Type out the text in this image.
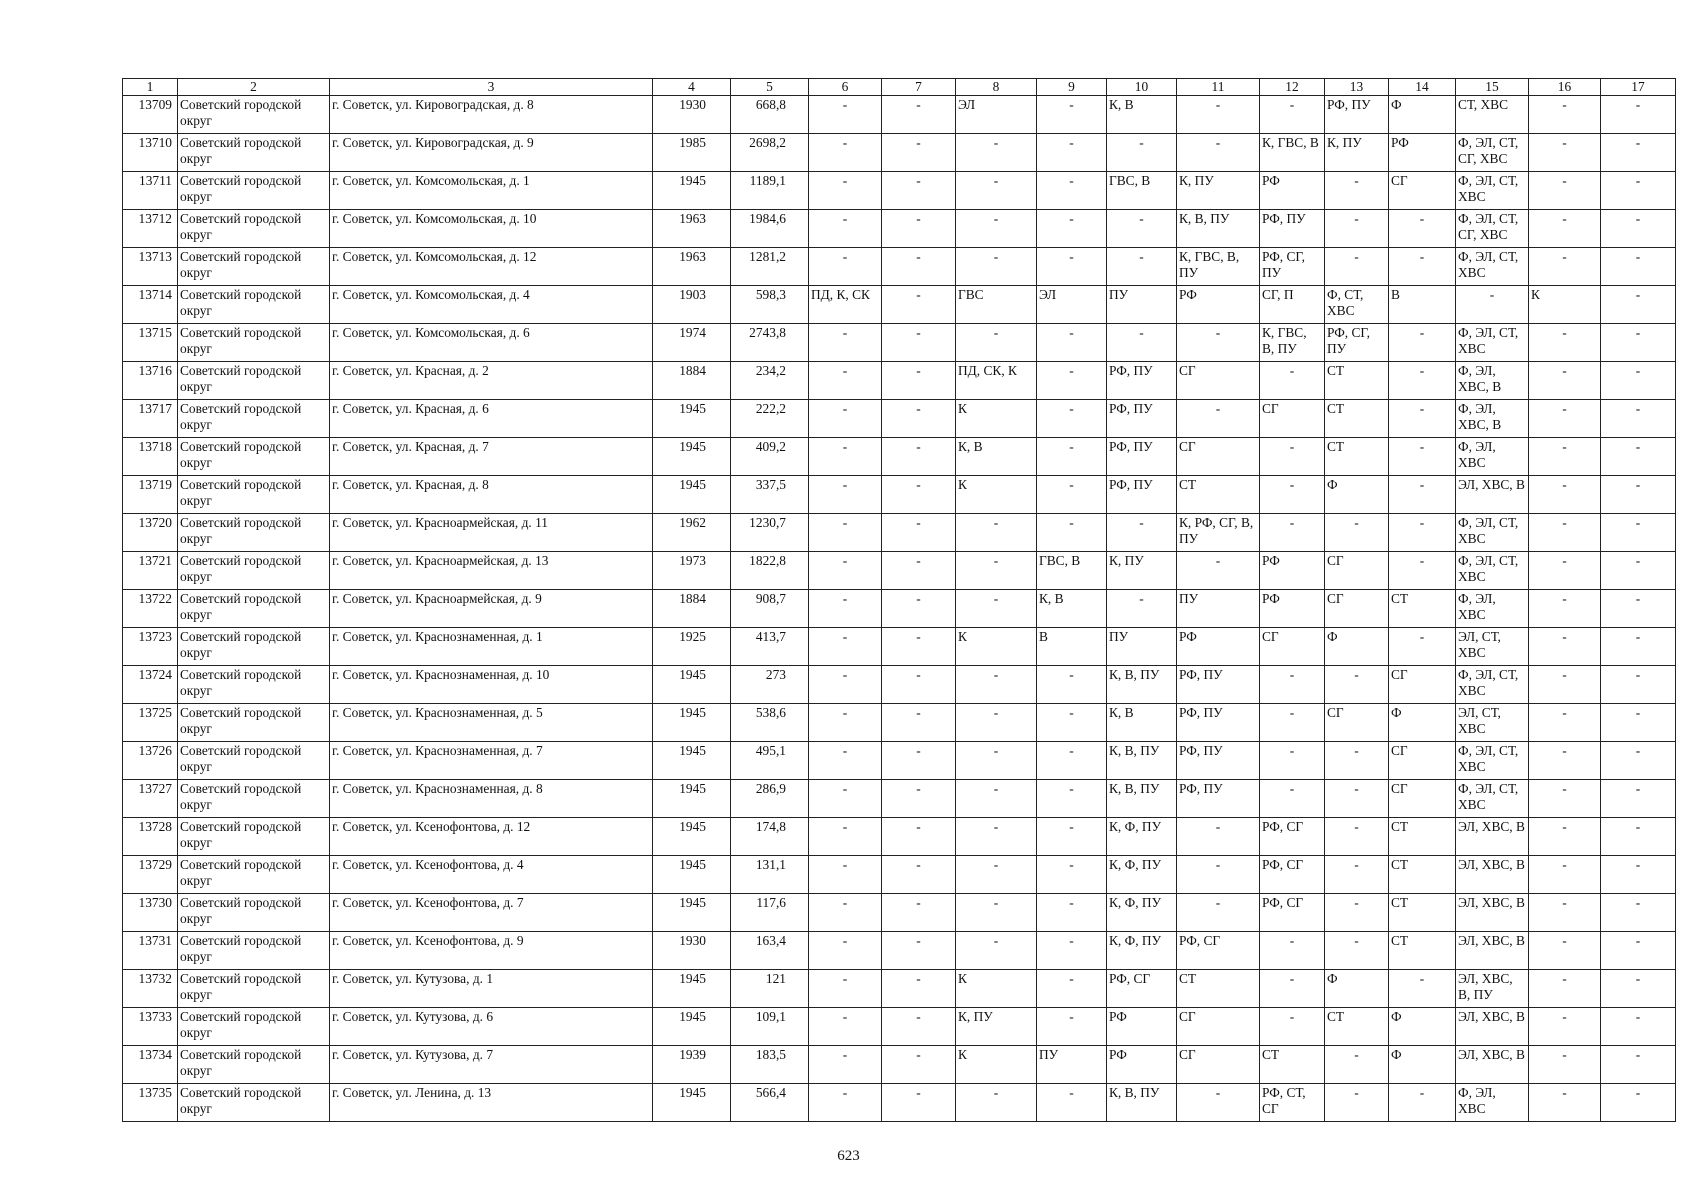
1	2	3	4	5	6	7	8	9	10	11	12	13	14	15	16	17
13709	Советский городской округ	г. Советск, ул. Кировоградская, д. 8	1930	668,8	-	-	ЭЛ	-	К, В	-	-	РФ, ПУ	Ф	СТ, ХВС	-	-
13710	Советский городской округ	г. Советск, ул. Кировоградская, д. 9	1985	2698,2	-	-	-	-	-	-	К, ГВС, В	К, ПУ	РФ	Ф, ЭЛ, СТ, СГ, ХВС	-	-
13711	Советский городской округ	г. Советск, ул. Комсомольская, д. 1	1945	1189,1	-	-	-	-	ГВС, В	К, ПУ	РФ	-	СГ	Ф, ЭЛ, СТ, ХВС	-	-
13712	Советский городской округ	г. Советск, ул. Комсомольская, д. 10	1963	1984,6	-	-	-	-	-	К, В, ПУ	РФ, ПУ	-	-	Ф, ЭЛ, СТ, СГ, ХВС	-	-
13713	Советский городской округ	г. Советск, ул. Комсомольская, д. 12	1963	1281,2	-	-	-	-	-	К, ГВС, В, ПУ	РФ, СГ, ПУ	-	-	Ф, ЭЛ, СТ, ХВС	-	-
13714	Советский городской округ	г. Советск, ул. Комсомольская, д. 4	1903	598,3	ПД, К, СК	-	ГВС	ЭЛ	ПУ	РФ	СГ, П	Ф, СТ, ХВС	В	-	К	-
13715	Советский городской округ	г. Советск, ул. Комсомольская, д. 6	1974	2743,8	-	-	-	-	-	-	К, ГВС, В, ПУ	РФ, СГ, ПУ	-	Ф, ЭЛ, СТ, ХВС	-	-
13716	Советский городской округ	г. Советск, ул. Красная, д. 2	1884	234,2	-	-	ПД, СК, К	-	РФ, ПУ	СГ	-	СТ	-	Ф, ЭЛ, ХВС, В	-	-
13717	Советский городской округ	г. Советск, ул. Красная, д. 6	1945	222,2	-	-	К	-	РФ, ПУ	-	СГ	СТ	-	Ф, ЭЛ, ХВС, В	-	-
13718	Советский городской округ	г. Советск, ул. Красная, д. 7	1945	409,2	-	-	К, В	-	РФ, ПУ	СГ	-	СТ	-	Ф, ЭЛ, ХВС	-	-
13719	Советский городской округ	г. Советск, ул. Красная, д. 8	1945	337,5	-	-	К	-	РФ, ПУ	СТ	-	Ф	-	ЭЛ, ХВС, В	-	-
13720	Советский городской округ	г. Советск, ул. Красноармейская, д. 11	1962	1230,7	-	-	-	-	-	К, РФ, СГ, В, ПУ	-	-	-	Ф, ЭЛ, СТ, ХВС	-	-
13721	Советский городской округ	г. Советск, ул. Красноармейская, д. 13	1973	1822,8	-	-	-	ГВС, В	К, ПУ	-	РФ	СГ	-	Ф, ЭЛ, СТ, ХВС	-	-
13722	Советский городской округ	г. Советск, ул. Красноармейская, д. 9	1884	908,7	-	-	-	К, В	-	ПУ	РФ	СГ	СТ	Ф, ЭЛ, ХВС	-	-
13723	Советский городской округ	г. Советск, ул. Краснознаменная, д. 1	1925	413,7	-	-	К	В	ПУ	РФ	СГ	Ф	-	ЭЛ, СТ, ХВС	-	-
13724	Советский городской округ	г. Советск, ул. Краснознаменная, д. 10	1945	273	-	-	-	-	К, В, ПУ	РФ, ПУ	-	-	СГ	Ф, ЭЛ, СТ, ХВС	-	-
13725	Советский городской округ	г. Советск, ул. Краснознаменная, д. 5	1945	538,6	-	-	-	-	К, В	РФ, ПУ	-	СГ	Ф	ЭЛ, СТ, ХВС	-	-
13726	Советский городской округ	г. Советск, ул. Краснознаменная, д. 7	1945	495,1	-	-	-	-	К, В, ПУ	РФ, ПУ	-	-	СГ	Ф, ЭЛ, СТ, ХВС	-	-
13727	Советский городской округ	г. Советск, ул. Краснознаменная, д. 8	1945	286,9	-	-	-	-	К, В, ПУ	РФ, ПУ	-	-	СГ	Ф, ЭЛ, СТ, ХВС	-	-
13728	Советский городской округ	г. Советск, ул. Ксенофонтова, д. 12	1945	174,8	-	-	-	-	К, Ф, ПУ	-	РФ, СГ	-	СТ	ЭЛ, ХВС, В	-	-
13729	Советский городской округ	г. Советск, ул. Ксенофонтова, д. 4	1945	131,1	-	-	-	-	К, Ф, ПУ	-	РФ, СГ	-	СТ	ЭЛ, ХВС, В	-	-
13730	Советский городской округ	г. Советск, ул. Ксенофонтова, д. 7	1945	117,6	-	-	-	-	К, Ф, ПУ	-	РФ, СГ	-	СТ	ЭЛ, ХВС, В	-	-
13731	Советский городской округ	г. Советск, ул. Ксенофонтова, д. 9	1930	163,4	-	-	-	-	К, Ф, ПУ	РФ, СГ	-	-	СТ	ЭЛ, ХВС, В	-	-
13732	Советский городской округ	г. Советск, ул. Кутузова, д. 1	1945	121	-	-	К	-	РФ, СГ	СТ	-	Ф	-	ЭЛ, ХВС, В, ПУ	-	-
13733	Советский городской округ	г. Советск, ул. Кутузова, д. 6	1945	109,1	-	-	К, ПУ	-	РФ	СГ	-	СТ	Ф	ЭЛ, ХВС, В	-	-
13734	Советский городской округ	г. Советск, ул. Кутузова, д. 7	1939	183,5	-	-	К	ПУ	РФ	СГ	СТ	-	Ф	ЭЛ, ХВС, В	-	-
13735	Советский городской округ	г. Советск, ул. Ленина, д. 13	1945	566,4	-	-	-	-	К, В, ПУ	-	РФ, СТ, СГ	-	-	Ф, ЭЛ, ХВС	-	-
623
